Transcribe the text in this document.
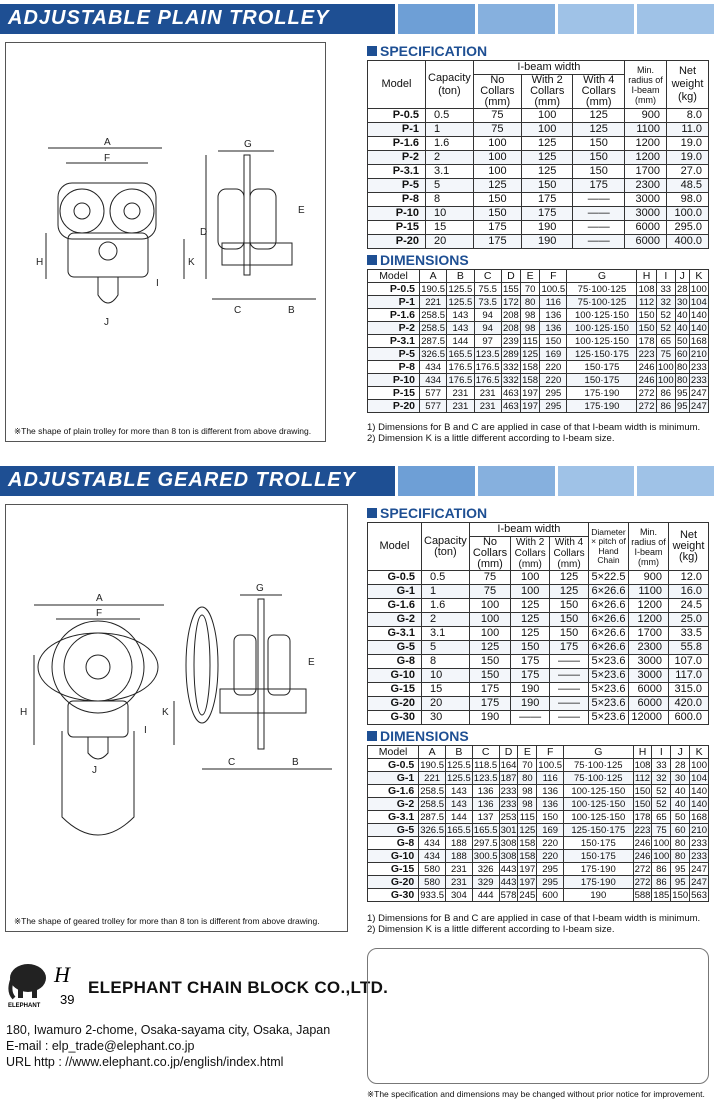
ADJUSTABLE PLAIN TROLLEY
A
F
H	K
I
J
G
D
E
C	B
※The shape of plain trolley for more than 8 ton is different from above drawing.
SPECIFICATION
Model	Capacity (ton)	I-beam width			Min. radius of I-beam (mm)	Net weight (kg)
		No Collars (mm)	With 2 Collars (mm)	With 4 Collars (mm)		
P-0.5	0.5	75	100	125	900	8.0
P-1	1	75	100	125	1100	11.0
P-1.6	1.6	100	125	150	1200	19.0
P-2	2	100	125	150	1200	19.0
P-3.1	3.1	100	125	150	1700	27.0
P-5	5	125	150	175	2300	48.5
P-8	8	150	175	——	3000	98.0
P-10	10	150	175	——	3000	100.0
P-15	15	175	190	——	6000	295.0
P-20	20	175	190	——	6000	400.0
DIMENSIONS
Model	A	B	C	D	E	F	G	H	I	J	K
P-0.5	190.5	125.5	75.5	155	70	100.5	75·100·125	108	33	28	100
P-1	221	125.5	73.5	172	80	116	75·100·125	112	32	30	104
P-1.6	258.5	143	94	208	98	136	100·125·150	150	52	40	140
P-2	258.5	143	94	208	98	136	100·125·150	150	52	40	140
P-3.1	287.5	144	97	239	115	150	100·125·150	178	65	50	168
P-5	326.5	165.5	123.5	289	125	169	125·150·175	223	75	60	210
P-8	434	176.5	176.5	332	158	220	150·175	246	100	80	233
P-10	434	176.5	176.5	332	158	220	150·175	246	100	80	233
P-15	577	231	231	463	197	295	175·190	272	86	95	247
P-20	577	231	231	463	197	295	175·190	272	86	95	247
1) Dimensions for B and C are applied in case of that I-beam width is minimum.
2) Dimension K is a little different according to I-beam size.
ADJUSTABLE GEARED TROLLEY
A
F
H	K
I
J
G
E
C	B
※The shape of geared trolley for more than 8 ton is different from above drawing.
SPECIFICATION
Model	Capacity (ton)	I-beam width			Diameter × pitch of Hand Chain	Min. radius of I-beam (mm)	Net weight (kg)
		No Collars (mm)	With 2 Collars (mm)	With 4 Collars (mm)			
G-0.5	0.5	75	100	125	5×22.5	900	12.0
G-1	1	75	100	125	6×26.6	1100	16.0
G-1.6	1.6	100	125	150	6×26.6	1200	24.5
G-2	2	100	125	150	6×26.6	1200	25.0
G-3.1	3.1	100	125	150	6×26.6	1700	33.5
G-5	5	125	150	175	6×26.6	2300	55.8
G-8	8	150	175	——	5×23.6	3000	107.0
G-10	10	150	175	——	5×23.6	3000	117.0
G-15	15	175	190	——	5×23.6	6000	315.0
G-20	20	175	190	——	5×23.6	6000	420.0
G-30	30	190	——	——	5×23.6	12000	600.0
DIMENSIONS
Model	A	B	C	D	E	F	G	H	I	J	K
G-0.5	190.5	125.5	118.5	164	70	100.5	75·100·125	108	33	28	100
G-1	221	125.5	123.5	187	80	116	75·100·125	112	32	30	104
G-1.6	258.5	143	136	233	98	136	100·125·150	150	52	40	140
G-2	258.5	143	136	233	98	136	100·125·150	150	52	40	140
G-3.1	287.5	144	137	253	115	150	100·125·150	178	65	50	168
G-5	326.5	165.5	165.5	301	125	169	125·150·175	223	75	60	210
G-8	434	188	297.5	308	158	220	150·175	246	100	80	233
G-10	434	188	300.5	308	158	220	150·175	246	100	80	233
G-15	580	231	326	443	197	295	175·190	272	86	95	247
G-20	580	231	329	443	197	295	175·190	272	86	95	247
G-30	933.5	304	444	578	245	600	190	588	185	150	563
1) Dimensions for B and C are applied in case of that I-beam width is minimum.
2) Dimension K is a little different according to I-beam size.
ELEPHANT
H
39
ELEPHANT CHAIN BLOCK CO.,LTD.
180, Iwamuro 2-chome, Osaka-sayama city, Osaka, Japan
E-mail : elp_trade@elephant.co.jp
URL http : //www.elephant.co.jp/english/index.html
※The specification and dimensions may be changed without prior notice for improvement.
